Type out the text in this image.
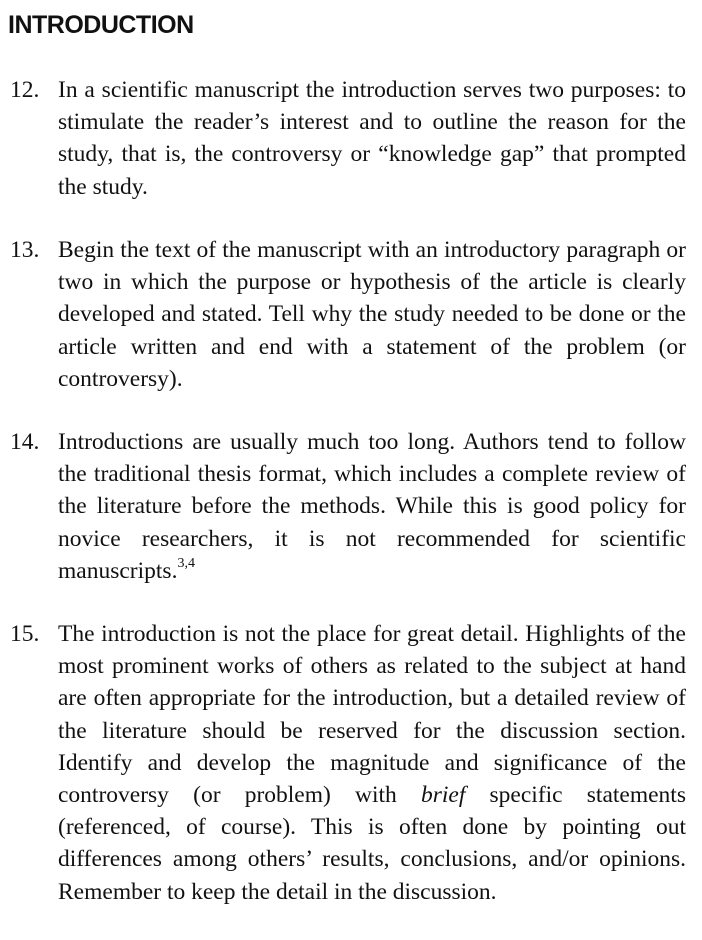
INTRODUCTION
12. In a scientific manuscript the introduction serves two purposes: to stimulate the reader’s interest and to outline the reason for the study, that is, the controversy or “knowledge gap” that prompted the study.
13. Begin the text of the manuscript with an introductory paragraph or two in which the purpose or hypothesis of the article is clearly developed and stated. Tell why the study needed to be done or the article written and end with a statement of the problem (or controversy).
14. Introductions are usually much too long. Authors tend to follow the traditional thesis format, which includes a complete review of the literature before the methods. While this is good policy for novice researchers, it is not recommended for scientific manuscripts.$^{3,4}$
15. The introduction is not the place for great detail. Highlights of the most prominent works of others as related to the subject at hand are often appropriate for the introduction, but a detailed review of the literature should be reserved for the discussion section. Identify and develop the magnitude and significance of the controversy (or problem) with brief specific statements (referenced, of course). This is often done by pointing out differences among others’ results, conclusions, and/or opinions. Remember to keep the detail in the discussion.
